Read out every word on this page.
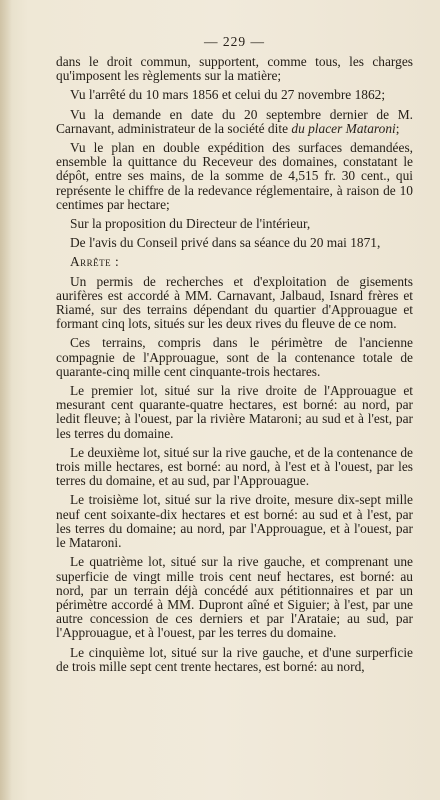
— 229 —

dans le droit commun, supportent, comme tous, les charges qu'imposent les règlements sur la matière;

Vu l'arrêté du 10 mars 1856 et celui du 27 novembre 1862;

Vu la demande en date du 20 septembre dernier de M. Carnavant, administrateur de la société dite du placer Mataroni;

Vu le plan en double expédition des surfaces demandées, ensemble la quittance du Receveur des domaines, constatant le dépôt, entre ses mains, de la somme de 4,515 fr. 30 cent., qui représente le chiffre de la redevance réglementaire, à raison de 10 centimes par hectare;

Sur la proposition du Directeur de l'intérieur,

De l'avis du Conseil privé dans sa séance du 20 mai 1871,

Arrête :

Un permis de recherches et d'exploitation de gisements aurifères est accordé à MM. Carnavant, Jalbaud, Isnard frères et Riamé, sur des terrains dépendant du quartier d'Approuague et formant cinq lots, situés sur les deux rives du fleuve de ce nom.

Ces terrains, compris dans le périmètre de l'ancienne compagnie de l'Approuague, sont de la contenance totale de quarante-cinq mille cent cinquante-trois hectares.

Le premier lot, situé sur la rive droite de l'Approuague et mesurant cent quarante-quatre hectares, est borné: au nord, par ledit fleuve; à l'ouest, par la rivière Mataroni; au sud et à l'est, par les terres du domaine.

Le deuxième lot, situé sur la rive gauche, et de la contenance de trois mille hectares, est borné: au nord, à l'est et à l'ouest, par les terres du domaine, et au sud, par l'Approuague.

Le troisième lot, situé sur la rive droite, mesure dix-sept mille neuf cent soixante-dix hectares et est borné: au sud et à l'est, par les terres du domaine; au nord, par l'Approuague, et à l'ouest, par le Mataroni.

Le quatrième lot, situé sur la rive gauche, et comprenant une superficie de vingt mille trois cent neuf hectares, est borné: au nord, par un terrain déjà concédé aux pétitionnaires et par un périmètre accordé à MM. Dupront aîné et Siguier; à l'est, par une autre concession de ces derniers et par l'Arataie; au sud, par l'Approuague, et à l'ouest, par les terres du domaine.

Le cinquième lot, situé sur la rive gauche, et d'une surperficie de trois mille sept cent trente hectares, est borné: au nord,
